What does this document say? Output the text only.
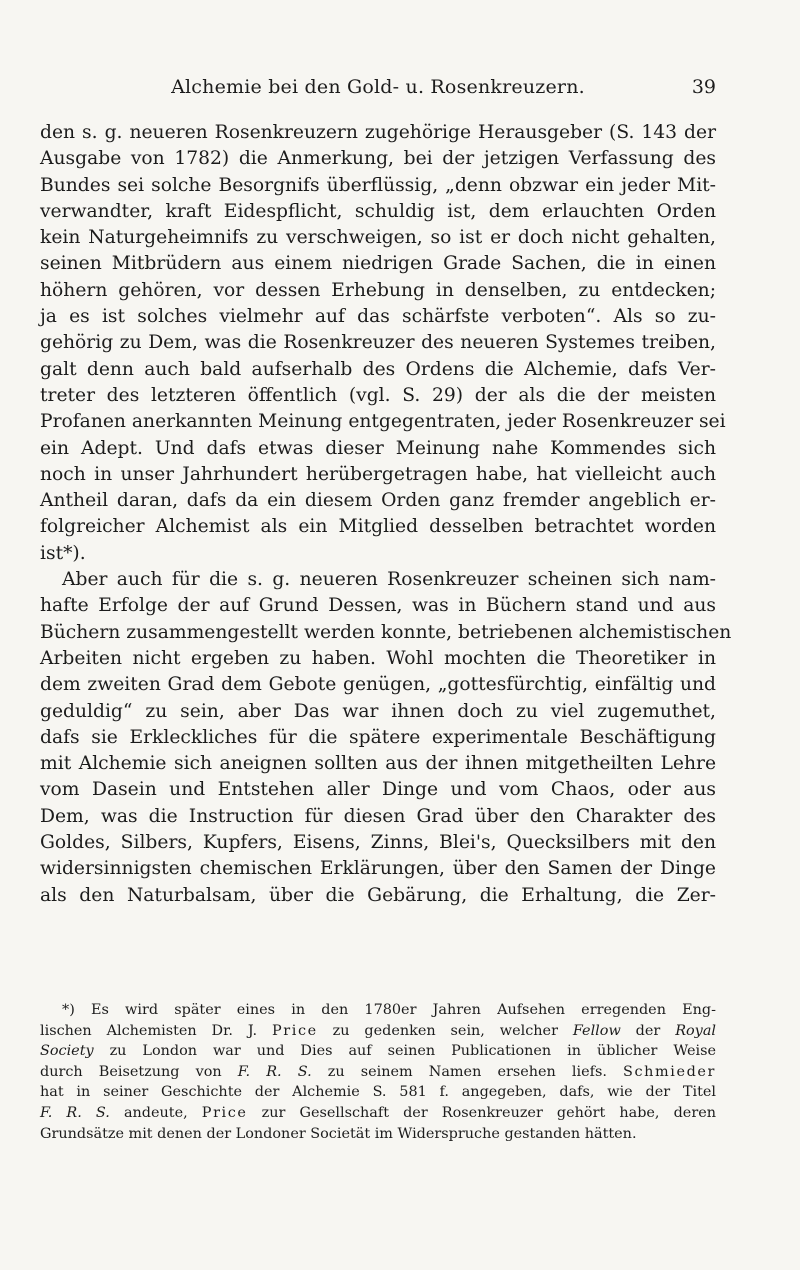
Alchemie bei den Gold- u. Rosenkreuzern.	39
den s. g. neueren Rosenkreuzern zugehörige Herausgeber (S. 143 der
Ausgabe von 1782) die Anmerkung, bei der jetzigen Verfassung des
Bundes sei solche Besorgnifs überflüssig, „denn obzwar ein jeder Mit-
verwandter, kraft Eidespflicht, schuldig ist, dem erlauchten Orden
kein Naturgeheimnifs zu verschweigen, so ist er doch nicht gehalten,
seinen Mitbrüdern aus einem niedrigen Grade Sachen, die in einen
höhern gehören, vor dessen Erhebung in denselben, zu entdecken;
ja es ist solches vielmehr auf das schärfste verboten“. Als so zu-
gehörig zu Dem, was die Rosenkreuzer des neueren Systemes treiben,
galt denn auch bald aufserhalb des Ordens die Alchemie, dafs Ver-
treter des letzteren öffentlich (vgl. S. 29) der als die der meisten
Profanen anerkannten Meinung entgegentraten, jeder Rosenkreuzer sei
ein Adept. Und dafs etwas dieser Meinung nahe Kommendes sich
noch in unser Jahrhundert herübergetragen habe, hat vielleicht auch
Antheil daran, dafs da ein diesem Orden ganz fremder angeblich er-
folgreicher Alchemist als ein Mitglied desselben betrachtet worden
ist*).
Aber auch für die s. g. neueren Rosenkreuzer scheinen sich nam-
hafte Erfolge der auf Grund Dessen, was in Büchern stand und aus
Büchern zusammengestellt werden konnte, betriebenen alchemistischen
Arbeiten nicht ergeben zu haben. Wohl mochten die Theoretiker in
dem zweiten Grad dem Gebote genügen, „gottesfürchtig, einfältig und
geduldig“ zu sein, aber Das war ihnen doch zu viel zugemuthet,
dafs sie Erkleckliches für die spätere experimentale Beschäftigung
mit Alchemie sich aneignen sollten aus der ihnen mitgetheilten Lehre
vom Dasein und Entstehen aller Dinge und vom Chaos, oder aus
Dem, was die Instruction für diesen Grad über den Charakter des
Goldes, Silbers, Kupfers, Eisens, Zinns, Blei's, Quecksilbers mit den
widersinnigsten chemischen Erklärungen, über den Samen der Dinge
als den Naturbalsam, über die Gebärung, die Erhaltung, die Zer-
*) Es wird später eines in den 1780er Jahren Aufsehen erregenden Eng-
lischen Alchemisten Dr. J. Price zu gedenken sein, welcher Fellow der Royal
Society zu London war und Dies auf seinen Publicationen in üblicher Weise
durch Beisetzung von F. R. S. zu seinem Namen ersehen liefs. Schmieder
hat in seiner Geschichte der Alchemie S. 581 f. angegeben, dafs, wie der Titel
F. R. S. andeute, Price zur Gesellschaft der Rosenkreuzer gehört habe, deren
Grundsätze mit denen der Londoner Societät im Widerspruche gestanden hätten.
